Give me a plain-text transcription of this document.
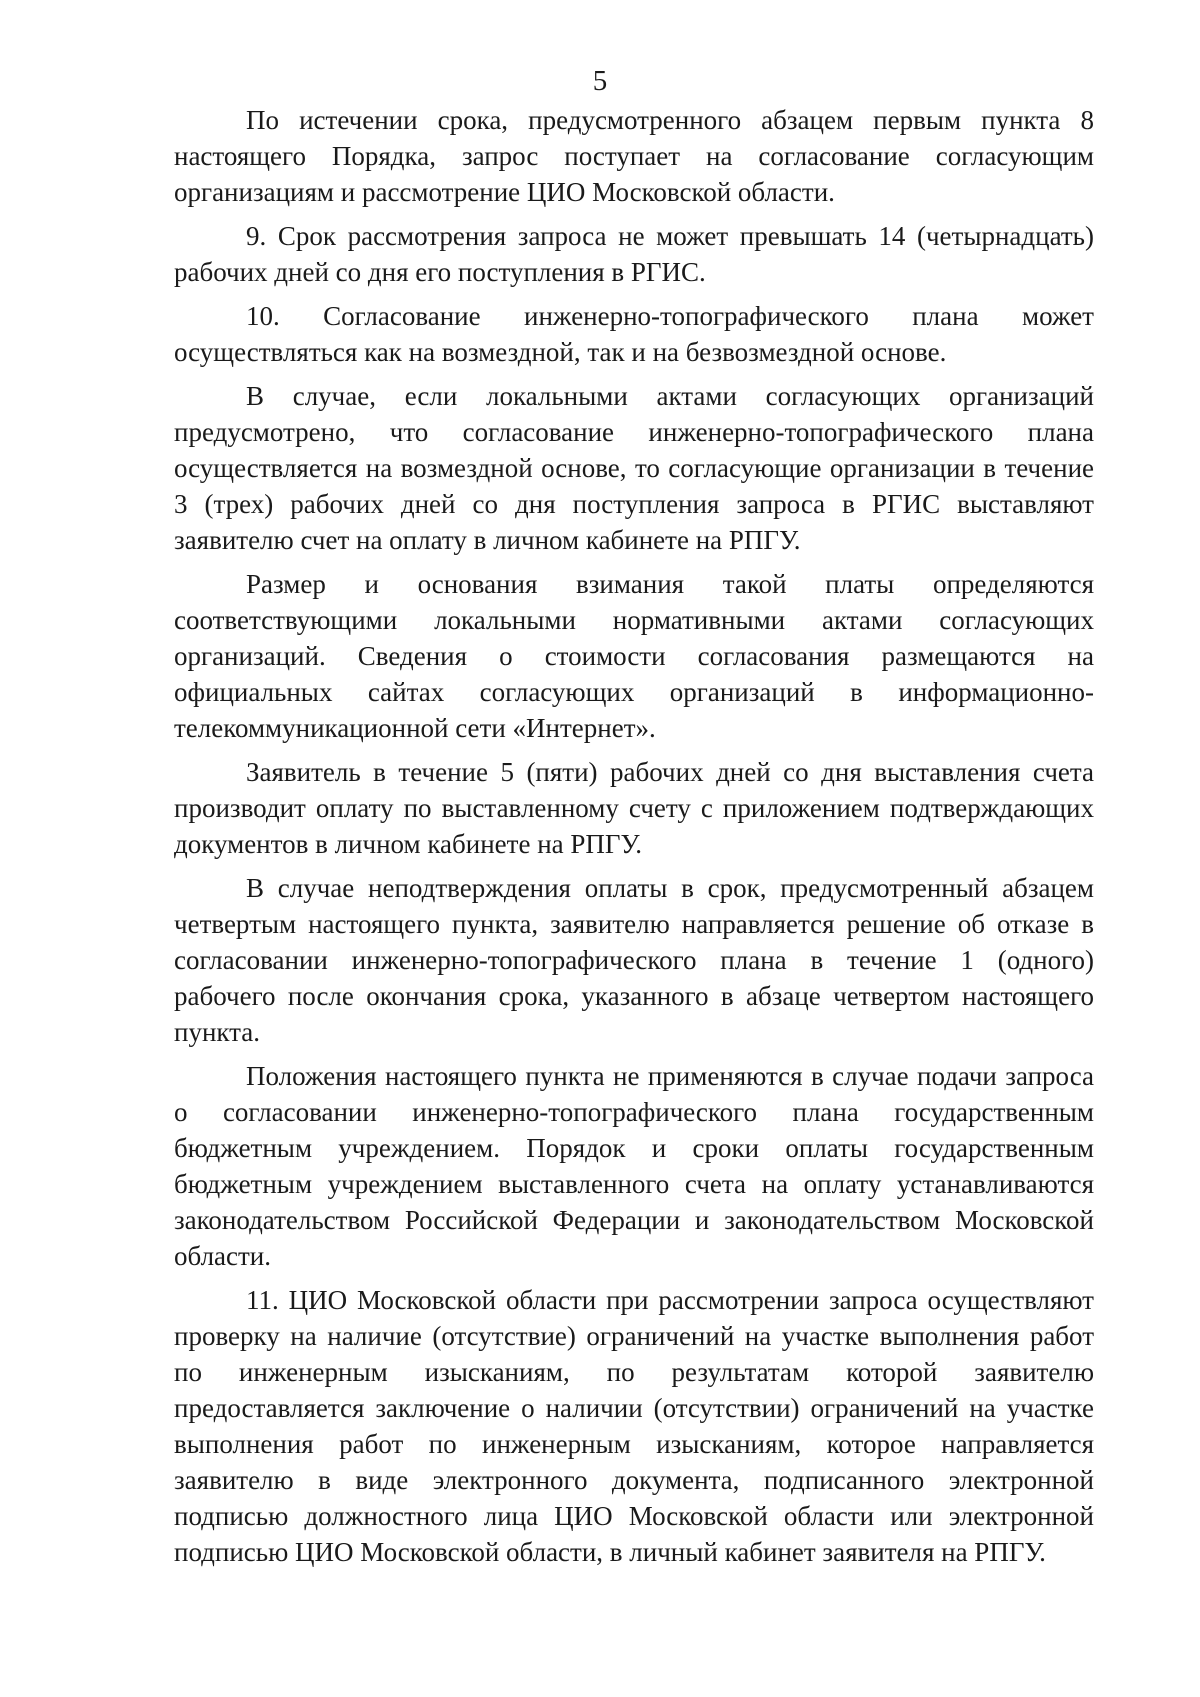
5

По истечении срока, предусмотренного абзацем первым пункта 8 настоящего Порядка, запрос поступает на согласование согласующим организациям и рассмотрение ЦИО Московской области.

9. Срок рассмотрения запроса не может превышать 14 (четырнадцать) рабочих дней со дня его поступления в РГИС.

10. Согласование инженерно-топографического плана может осуществляться как на возмездной, так и на безвозмездной основе.

В случае, если локальными актами согласующих организаций предусмотрено, что согласование инженерно-топографического плана осуществляется на возмездной основе, то согласующие организации в течение 3 (трех) рабочих дней со дня поступления запроса в РГИС выставляют заявителю счет на оплату в личном кабинете на РПГУ.

Размер и основания взимания такой платы определяются соответствующими локальными нормативными актами согласующих организаций. Сведения о стоимости согласования размещаются на официальных сайтах согласующих организаций в информационно-телекоммуникационной сети «Интернет».

Заявитель в течение 5 (пяти) рабочих дней со дня выставления счета производит оплату по выставленному счету с приложением подтверждающих документов в личном кабинете на РПГУ.

В случае неподтверждения оплаты в срок, предусмотренный абзацем четвертым настоящего пункта, заявителю направляется решение об отказе в согласовании инженерно-топографического плана в течение 1 (одного) рабочего после окончания срока, указанного в абзаце четвертом настоящего пункта.

Положения настоящего пункта не применяются в случае подачи запроса о согласовании инженерно-топографического плана государственным бюджетным учреждением. Порядок и сроки оплаты государственным бюджетным учреждением выставленного счета на оплату устанавливаются законодательством Российской Федерации и законодательством Московской области.

11. ЦИО Московской области при рассмотрении запроса осуществляют проверку на наличие (отсутствие) ограничений на участке выполнения работ по инженерным изысканиям, по результатам которой заявителю предоставляется заключение о наличии (отсутствии) ограничений на участке выполнения работ по инженерным изысканиям, которое направляется заявителю в виде электронного документа, подписанного электронной подписью должностного лица ЦИО Московской области или электронной подписью ЦИО Московской области, в личный кабинет заявителя на РПГУ.
